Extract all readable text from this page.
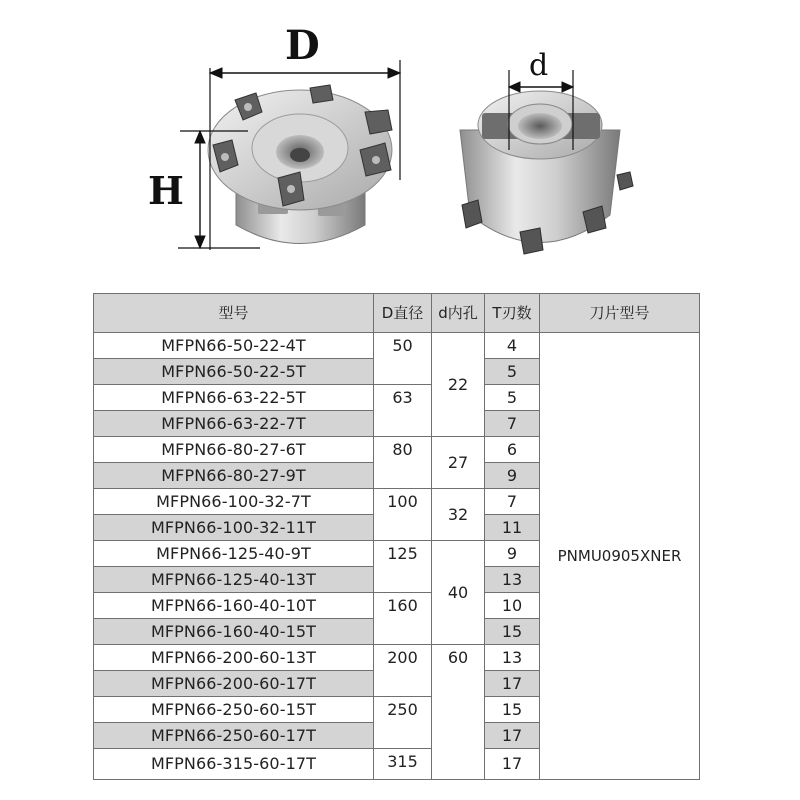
D
H
d
型号	D直径	d内孔	T刃数	刀片型号
MFPN66-50-22-4T	50	22	4	PNMU0905XNER
MFPN66-50-22-5T			5	
MFPN66-63-22-5T	63		5	
MFPN66-63-22-7T			7	
MFPN66-80-27-6T	80	27	6	
MFPN66-80-27-9T			9	
MFPN66-100-32-7T	100	32	7	
MFPN66-100-32-11T			11	
MFPN66-125-40-9T	125	40	9	
MFPN66-125-40-13T			13	
MFPN66-160-40-10T	160		10	
MFPN66-160-40-15T			15	
MFPN66-200-60-13T	200	60	13	
MFPN66-200-60-17T			17	
MFPN66-250-60-15T	250		15	
MFPN66-250-60-17T			17	
MFPN66-315-60-17T	315		17	
